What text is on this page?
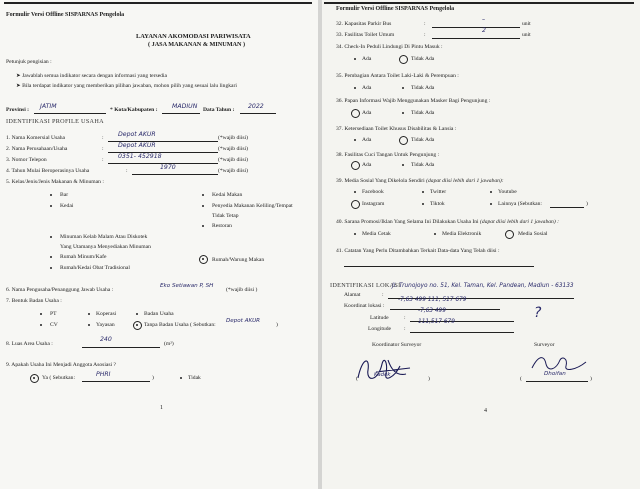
Formulir Versi Offline SISPARNAS Pengelola
LAYANAN AKOMODASI PARIWISATA
( JASA MAKANAN & MINUMAN )
Petunjuk pengisian :
➤ Jawablah semua indikator secara dengan informasi yang tersedia
➤ Bila terdapat indikator yang memberikan pilihan jawaban, mohon pilih yang sesuai lalu lingkari
Provinsi : JATIM	* Kota/Kabupaten : MADIUN Data Tahun : 2022
IDENTIFIKASI PROFILE USAHA
1. Nama Komersial Usaha	: Depot AKUR	(*wajib diisi)
2. Nama Perusahaan/Usaha	: Depot AKUR	(*wajib diisi)
3. Nomor Telepon	: 0351- 452918	(*wajib diisi)
4. Tahun Mulai Beroperasinya Usaha	:	1970	(*wajib diisi)
5. Kelas/Jenis/Jenis Makanan & Minuman :
Bar
Kedai
Kedai Makan
Penyedia Makanan Keliling/Tempat
Tidak Tetap
Restoran
Minuman Kelab Malam Atau Diskotek
Yang Utamanya Menyediakan Minuman
Rumah Minum/Kafe	Rumah/Warung Makan
Rumah/Kedai Obat Tradisional
6. Nama Pengusaha/Penanggung Jawab Usaha :
Eko Setiawan P, SH
(*wajib diisi )
7. Bentuk Badan Usaha :
PT	Koperasi	Badan Usaha
CV	Yayasan	Tanpa Badan Usaha ( Sebutkan:
Depot AKUR
)
8. Luas Area Usaha :
240
(m²)
9. Apakah Usaha Ini Menjadi Anggota Asosiasi ?
Ya ( Sebutkan:	PHRI	)	Tidak
1
Formulir Versi Offline SISPARNAS Pengelola
32. Kapasitas Parkir Bus	:
–
unit
33. Fasilitas Toilet Umum	:
2
unit
34. Check-In Peduli Lindungi Di Pintu Masuk :
Ada	Tidak Ada
35. Pembagian Antara Toilet Laki-Laki & Perempuan :
Ada	Tidak Ada
36. Papan Informasi Wajib Menggunakan Masker Bagi Pengunjung :
Ada	Tidak Ada
37. Ketersediaan Toilet Khusus Disabilitas & Lansia :
Ada	Tidak Ada
38. Fasilitas Cuci Tangan Untuk Pengunjung :
Ada	Tidak Ada
39. Media Sosial Yang Dikelola Sendiri (dapat diisi lebih dari 1 jawaban):
Facebook	Twitter	Youtube
Instagram	Tiktok	Lainnya (Sebutkan:	)
40. Sarana Promosi/Iklan Yang Selama Ini Dilakukan Usaha Ini (dapat diisi lebih dari 1 jawaban) :
Media Cetak	Media Elektronik	Media Sosial
41. Catatan Yang Perlu Ditambahkan Terkait Data-data Yang Telah diisi :
IDENTIFIKASI LOKASI
Alamat	:
Jl. Trunojoyo no. 51, Kel. Taman, Kel. Pandean, Madiun - 63133
Koordinat lokasi :
-7,63 499 111, 517 679
Latitude	:
-7,63 499
Longitude :
111,517 679
?
Koordinator Surveyor	Surveyor
(
Kadek
)	(
Dhoifan
)
4
